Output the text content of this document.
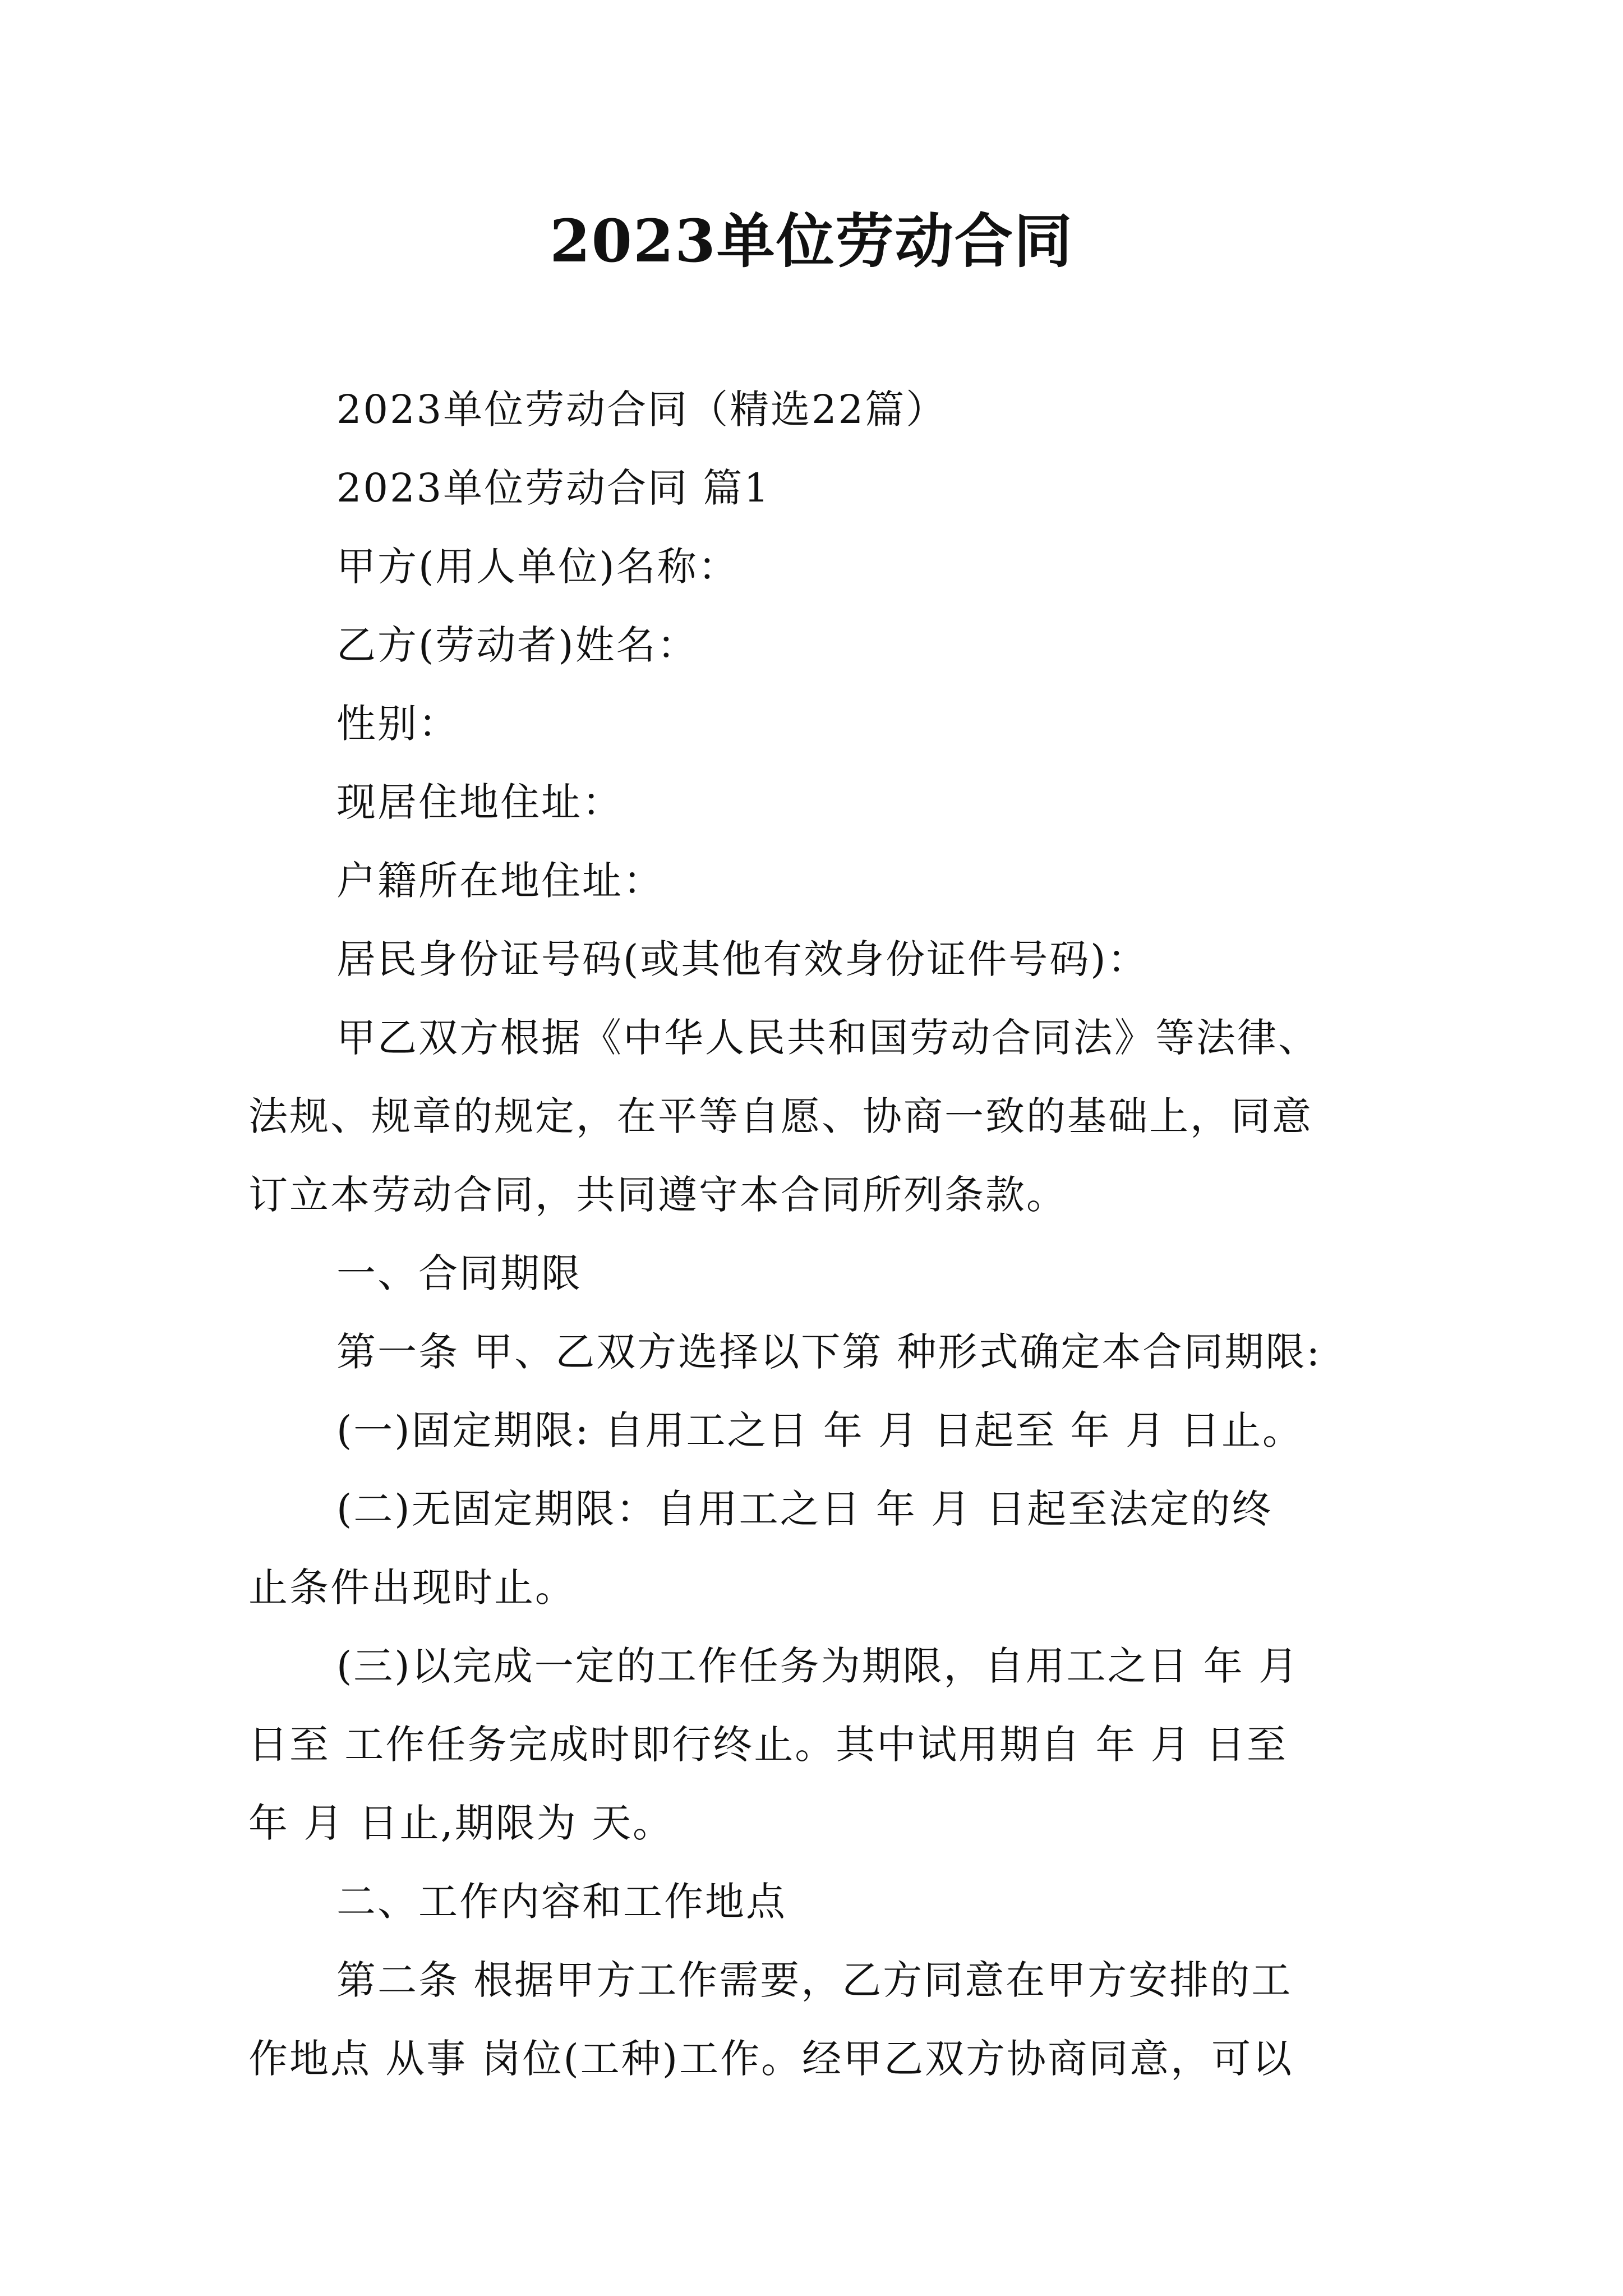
2023单位劳动合同
2023单位劳动合同（精选22篇）
2023单位劳动合同 篇1
甲方(用人单位)名称：
乙方(劳动者)姓名：
性别：
现居住地住址：
户籍所在地住址：
居民身份证号码(或其他有效身份证件号码)：
甲乙双方根据《中华人民共和国劳动合同法》等法律、
法规、规章的规定，在平等自愿、协商一致的基础上，同意
订立本劳动合同，共同遵守本合同所列条款。
一、合同期限
第一条 甲、乙双方选择以下第 种形式确定本合同期限:
(一)固定期限: 自用工之日 年 月 日起至 年 月 日止。
(二)无固定期限：自用工之日 年 月 日起至法定的终
止条件出现时止。
(三)以完成一定的工作任务为期限，自用工之日 年 月
日至 工作任务完成时即行终止。其中试用期自 年 月 日至
年 月 日止,期限为 天。
二、工作内容和工作地点
第二条 根据甲方工作需要，乙方同意在甲方安排的工
作地点 从事 岗位(工种)工作。经甲乙双方协商同意，可以
